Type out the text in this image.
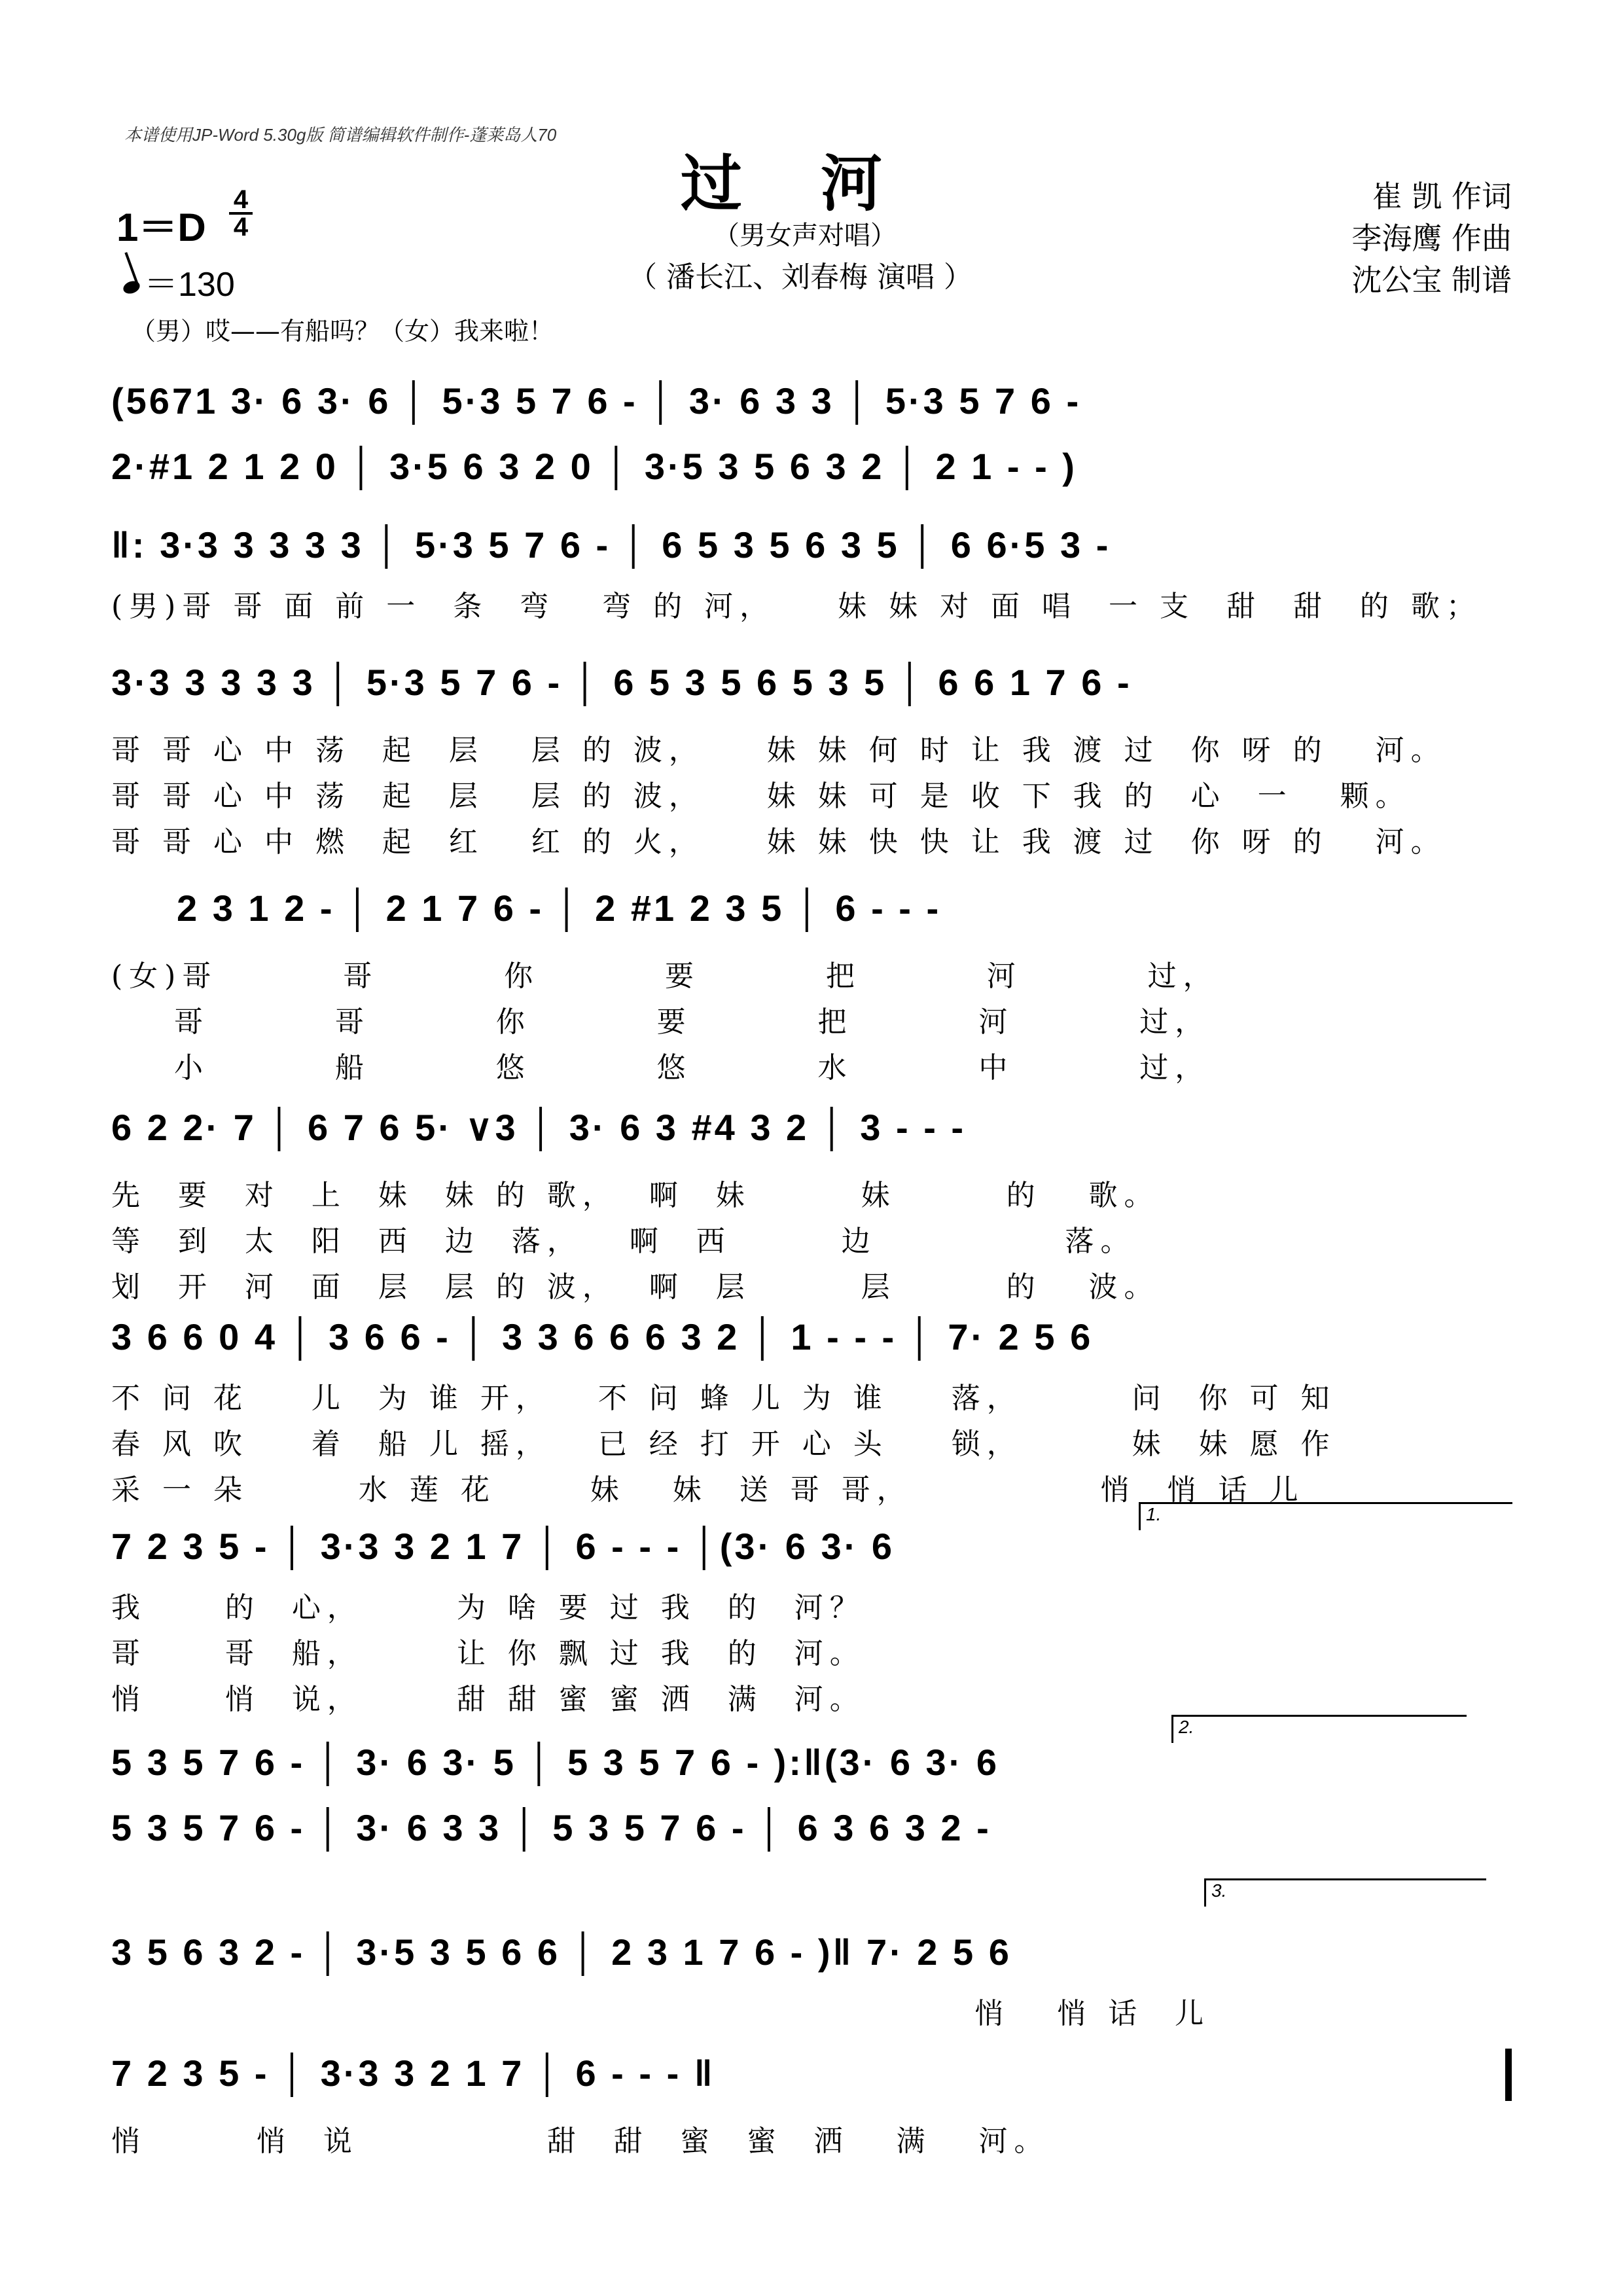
本谱使用JP-Word 5.30g版 简谱编辑软件制作-蓬莱岛人70
过河
（男女声对唱）
（ 潘长江、刘春梅 演唱 ）
崔 凯 作词
李海鹰 作曲
沈公宝 制谱
1＝D
4
4
＝130
（男）哎——有船吗？（女）我来啦！
(5671 3· 6 3· 6 │ 5·3 5 7 6 - │ 3· 6 3 3 │ 5·3 5 7 6 -
2·#1 2 1 2 0 │ 3·5 6 3 2 0 │ 3·5 3 5 6 3 2 │ 2 1 - - )
‖: 3·3 3 3 3 3 │ 5·3 5 7 6 - │ 6 5 3 5 6 3 5 │ 6 6·5 3 -
(男)哥 哥 面 前 一  条  弯   弯 的 河，    妹 妹 对 面 唱  一 支  甜  甜  的 歌；
3·3 3 3 3 3 │ 5·3 5 7 6 - │ 6 5 3 5 6 5 3 5 │ 6 6 1 7 6 -
哥 哥 心 中 荡  起  层   层 的 波，    妹 妹 何 时 让 我 渡 过  你 呀 的   河。
哥 哥 心 中 荡  起  层   层 的 波，    妹 妹 可 是 收 下 我 的  心  一   颗。
哥 哥 心 中 燃  起  红   红 的 火，    妹 妹 快 快 让 我 渡 过  你 呀 的   河。
2 3 1 2 - │ 2 1 7 6 - │ 2 #1 2 3 5 │ 6 - - -
(女)哥        哥        你        要        把        河        过，
哥        哥        你        要        把        河        过，
小        船        悠        悠        水        中        过，
6 2 2· 7 │ 6 7 6 5· ∨3 │ 3· 6 3 #4 3 2 │ 3 - - -
先  要  对  上  妹  妹 的 歌，  啊  妹       妹       的   歌。
等  到  太  阳  西  边  落，   啊  西       边            落。
划  开  河  面  层  层 的 波，  啊  层       层       的   波。
3 6 6 0 4 │ 3 6 6 - │ 3 3 6 6 6 3 2 │ 1 - - - │ 7· 2 5 6
不 问 花    儿  为 谁 开，   不 问 蜂 儿 为 谁    落，       问  你 可 知
春 风 吹    着  船 儿 摇，   已 经 打 开 心 头    锁，       妹  妹 愿 作
采 一 朵       水 莲 花      妹   妹  送 哥 哥，            悄  悄 话 儿
7 2 3 5 - │ 3·3 3 2 1 7 │ 6 - - - │(3· 6 3· 6
我     的  心，      为 啥 要 过 我  的  河？
哥     哥  船，      让 你 飘 过 我  的  河。
悄     悄  说，      甜 甜 蜜 蜜 洒  满  河。
5 3 5 7 6 - │ 3· 6 3· 5 │ 5 3 5 7 6 - ):‖(3· 6 3· 6
5 3 5 7 6 - │ 3· 6 3 3 │ 5 3 5 7 6 - │ 6 3 6 3 2 -
3 5 6 3 2 - │ 3·5 3 5 6 6 │ 2 3 1 7 6 - )‖ 7· 2 5 6
悄   悄 话  儿
7 2 3 5 - │ 3·3 3 2 1 7 │ 6 - - - ‖
悄       悄  说            甜  甜  蜜  蜜  洒   满   河。
1.
2.
3.
